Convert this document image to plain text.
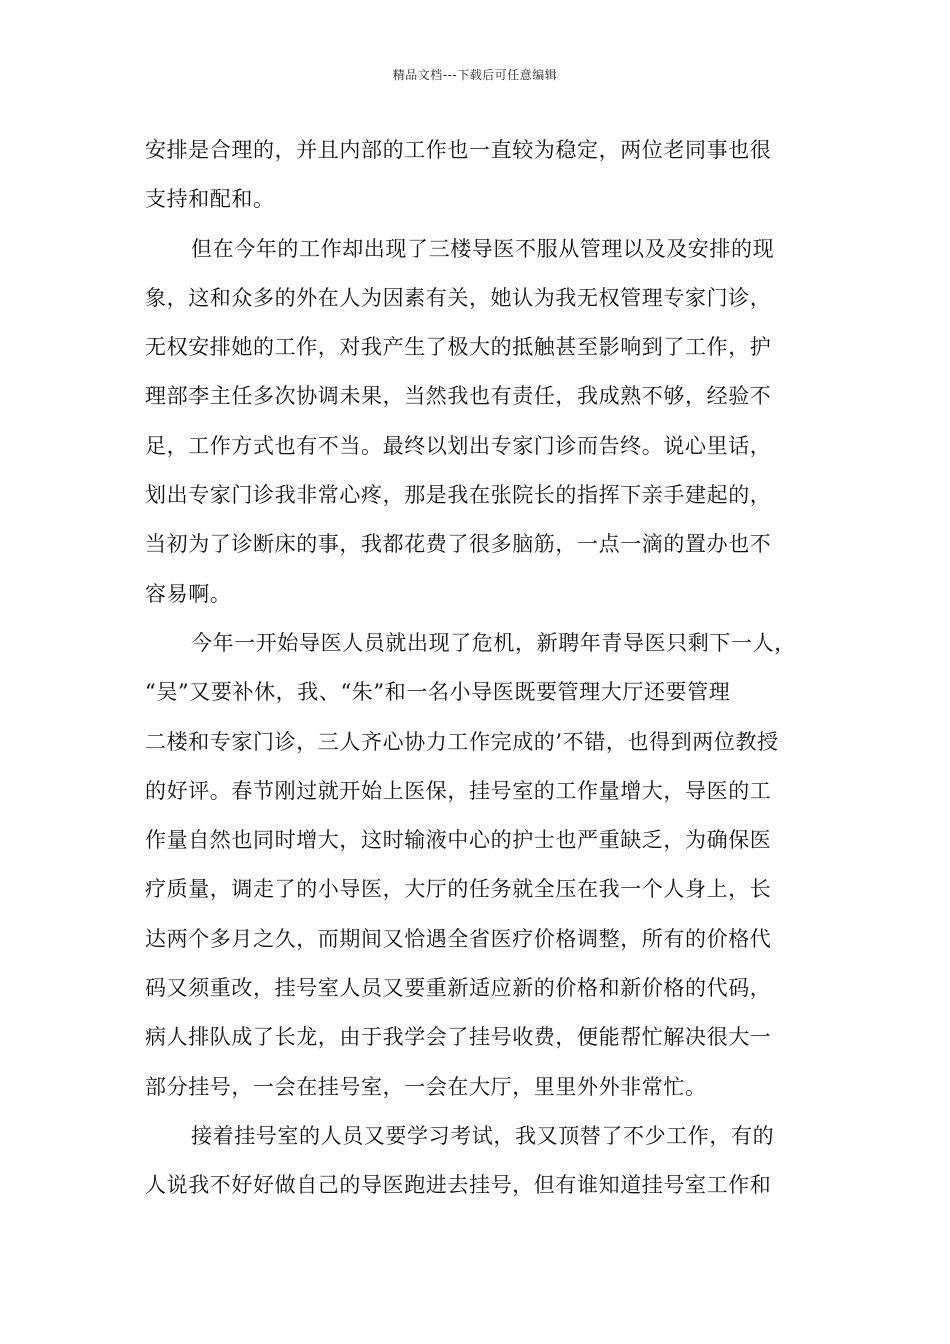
精品文档---下载后可任意编辑
安排是合理的，并且内部的工作也一直较为稳定，两位老同事也很
支持和配和。
但在今年的工作却出现了三楼导医不服从管理以及及安排的现
象，这和众多的外在人为因素有关，她认为我无权管理专家门诊，
无权安排她的工作，对我产生了极大的抵触甚至影响到了工作，护
理部李主任多次协调未果，当然我也有责任，我成熟不够，经验不
足，工作方式也有不当。最终以划出专家门诊而告终。说心里话，
划出专家门诊我非常心疼，那是我在张院长的指挥下亲手建起的，
当初为了诊断床的事，我都花费了很多脑筋，一点一滴的置办也不
容易啊。
今年一开始导医人员就出现了危机，新聘年青导医只剩下一人，
“吴”又要补休，我、“朱”和一名小导医既要管理大厅还要管理
二楼和专家门诊，三人齐心协力工作完成的’不错，也得到两位教授
的好评。春节刚过就开始上医保，挂号室的工作量增大，导医的工
作量自然也同时增大，这时输液中心的护士也严重缺乏，为确保医
疗质量，调走了的小导医，大厅的任务就全压在我一个人身上，长
达两个多月之久，而期间又恰遇全省医疗价格调整，所有的价格代
码又须重改，挂号室人员又要重新适应新的价格和新价格的代码，
病人排队成了长龙，由于我学会了挂号收费，便能帮忙解决很大一
部分挂号，一会在挂号室，一会在大厅，里里外外非常忙。
接着挂号室的人员又要学习考试，我又顶替了不少工作，有的
人说我不好好做自己的导医跑进去挂号，但有谁知道挂号室工作和
